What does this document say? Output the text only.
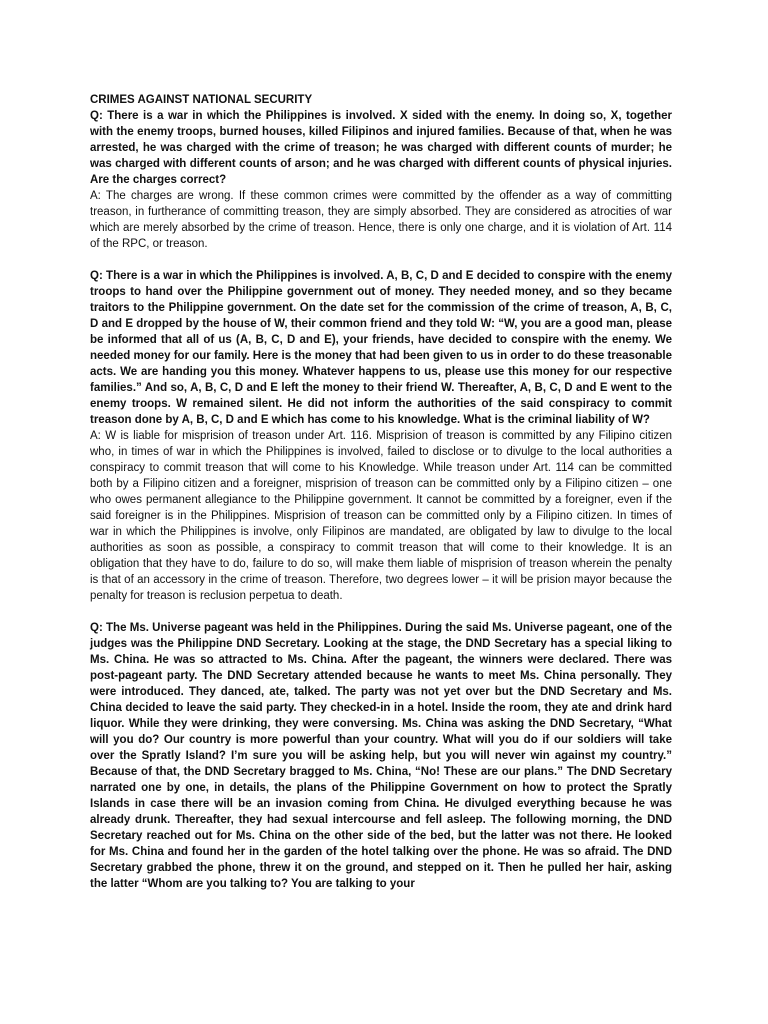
CRIMES AGAINST NATIONAL SECURITY

Q: There is a war in which the Philippines is involved. X sided with the enemy. In doing so, X, together with the enemy troops, burned houses, killed Filipinos and injured families. Because of that, when he was arrested, he was charged with the crime of treason; he was charged with different counts of murder; he was charged with different counts of arson; and he was charged with different counts of physical injuries. Are the charges correct?

A: The charges are wrong. If these common crimes were committed by the offender as a way of committing treason, in furtherance of committing treason, they are simply absorbed. They are considered as atrocities of war which are merely absorbed by the crime of treason. Hence, there is only one charge, and it is violation of Art. 114 of the RPC, or treason.

Q: There is a war in which the Philippines is involved. A, B, C, D and E decided to conspire with the enemy troops to hand over the Philippine government out of money. They needed money, and so they became traitors to the Philippine government. On the date set for the commission of the crime of treason, A, B, C, D and E dropped by the house of W, their common friend and they told W: “W, you are a good man, please be informed that all of us (A, B, C, D and E), your friends, have decided to conspire with the enemy. We needed money for our family. Here is the money that had been given to us in order to do these treasonable acts. We are handing you this money. Whatever happens to us, please use this money for our respective families.” And so, A, B, C, D and E left the money to their friend W. Thereafter, A, B, C, D and E went to the enemy troops. W remained silent. He did not inform the authorities of the said conspiracy to commit treason done by A, B, C, D and E which has come to his knowledge. What is the criminal liability of W?

A: W is liable for misprision of treason under Art. 116. Misprision of treason is committed by any Filipino citizen who, in times of war in which the Philippines is involved, failed to disclose or to divulge to the local authorities a conspiracy to commit treason that will come to his Knowledge. While treason under Art. 114 can be committed both by a Filipino citizen and a foreigner, misprision of treason can be committed only by a Filipino citizen – one who owes permanent allegiance to the Philippine government. It cannot be committed by a foreigner, even if the said foreigner is in the Philippines. Misprision of treason can be committed only by a Filipino citizen. In times of war in which the Philippines is involve, only Filipinos are mandated, are obligated by law to divulge to the local authorities as soon as possible, a conspiracy to commit treason that will come to their knowledge. It is an obligation that they have to do, failure to do so, will make them liable of misprision of treason wherein the penalty is that of an accessory in the crime of treason. Therefore, two degrees lower – it will be prision mayor because the penalty for treason is reclusion perpetua to death.

Q: The Ms. Universe pageant was held in the Philippines. During the said Ms. Universe pageant, one of the judges was the Philippine DND Secretary. Looking at the stage, the DND Secretary has a special liking to Ms. China. He was so attracted to Ms. China. After the pageant, the winners were declared. There was post-pageant party. The DND Secretary attended because he wants to meet Ms. China personally. They were introduced. They danced, ate, talked. The party was not yet over but the DND Secretary and Ms. China decided to leave the said party. They checked-in in a hotel. Inside the room, they ate and drink hard liquor. While they were drinking, they were conversing. Ms. China was asking the DND Secretary, “What will you do? Our country is more powerful than your country. What will you do if our soldiers will take over the Spratly Island? I’m sure you will be asking help, but you will never win against my country.” Because of that, the DND Secretary bragged to Ms. China, “No! These are our plans.” The DND Secretary narrated one by one, in details, the plans of the Philippine Government on how to protect the Spratly Islands in case there will be an invasion coming from China. He divulged everything because he was already drunk. Thereafter, they had sexual intercourse and fell asleep. The following morning, the DND Secretary reached out for Ms. China on the other side of the bed, but the latter was not there. He looked for Ms. China and found her in the garden of the hotel talking over the phone. He was so afraid. The DND Secretary grabbed the phone, threw it on the ground, and stepped on it. Then he pulled her hair, asking the latter “Whom are you talking to? You are talking to your
